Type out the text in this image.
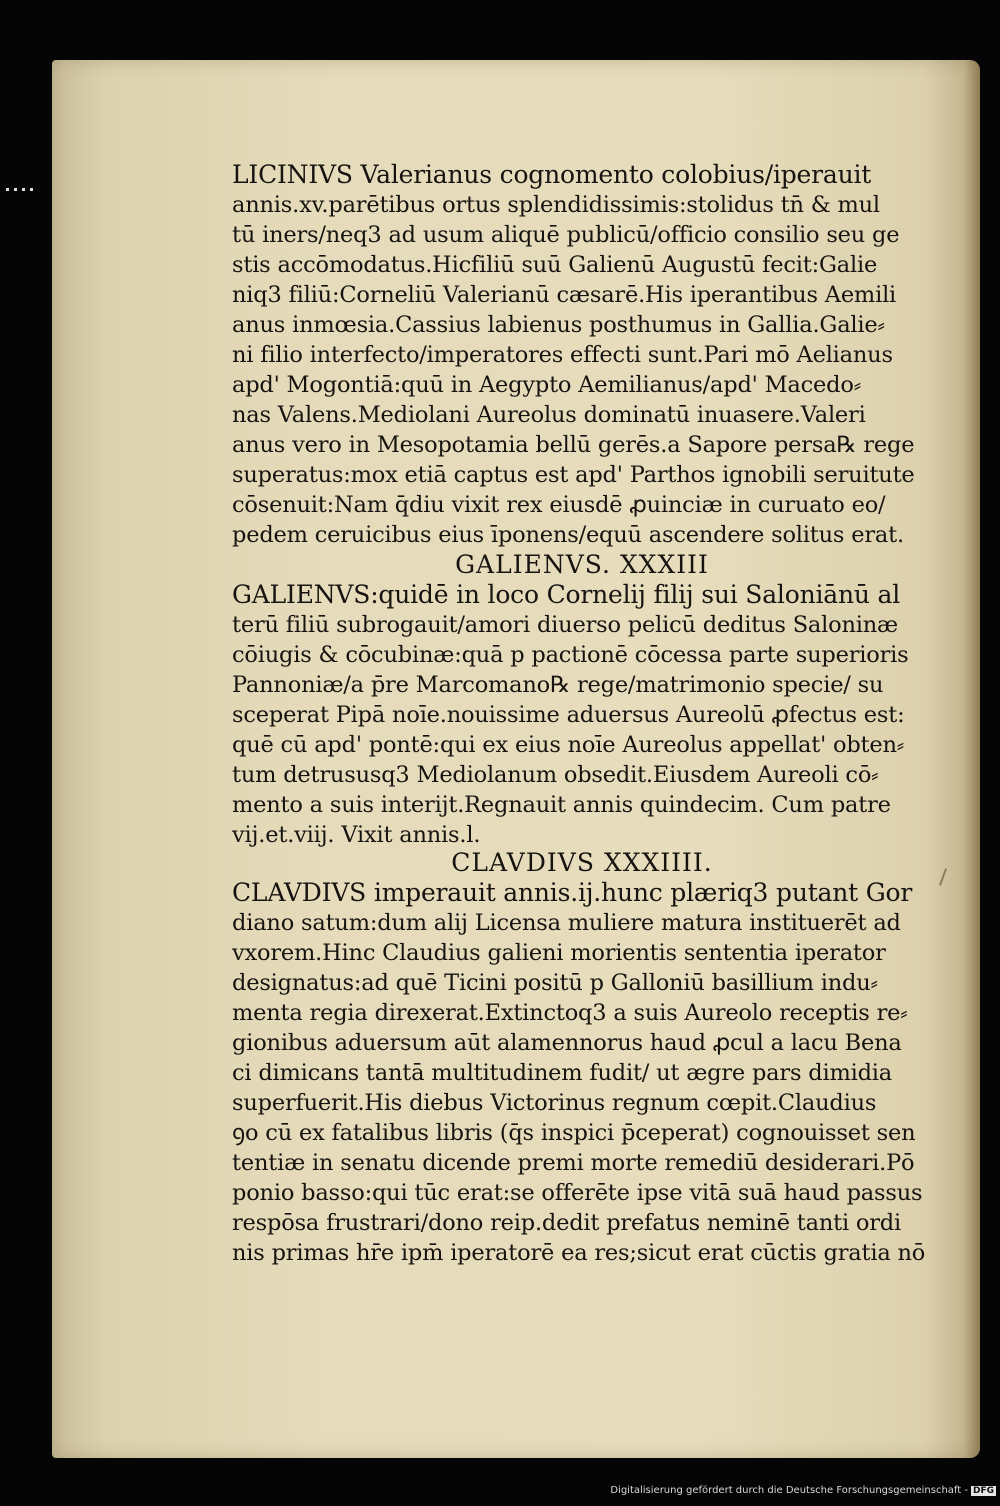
LICINIVS Valerianus cognomento colobius/iperauit
annis.xv.parētibus ortus splendidissimis:stolidus tn̄ & mul
tū iners/neq3 ad usum aliquē publicū/officio consilio seu ge
stis accōmodatus.Hicfiliū suū Galienū Augustū fecit:Galie
niq3 filiū:Corneliū Valerianū cæsarē.His iperantibus Aemili
anus inmœsia.Cassius labienus posthumus in Gallia.Galie⸗
ni filio interfecto/imperatores effecti sunt.Pari mō Aelianus
apd' Mogontiā:quū in Aegypto Aemilianus/apd' Macedo⸗
nas Valens.Mediolani Aureolus dominatū inuasere.Valeri
anus vero in Mesopotamia bellū gerēs.a Sapore persa℞ rege
superatus:mox etiā captus est apd' Parthos ignobili seruitute
cōsenuit:Nam q̄diu vixit rex eiusdē ꝓuinciæ in curuato eo/
pedem ceruicibus eius īponens/equū ascendere solitus erat.
GALIENVS. XXXIII
GALIENVS:quidē in loco Cornelij filij sui Saloniānū al
terū filiū subrogauit/amori diuerso pelicū deditus Saloninæ
cōiugis & cōcubinæ:quā p pactionē cōcessa parte superioris
Pannoniæ/a p̄re Marcomano℞ rege/matrimonio specie/ su
sceperat Pipā noīe.nouissime aduersus Aureolū ꝓfectus est:
quē cū apd' pontē:qui ex eius noīe Aureolus appellat' obten⸗
tum detrususq3 Mediolanum obsedit.Eiusdem Aureoli cō⸗
mento a suis interijt.Regnauit annis quindecim. Cum patre
vij.et.viij. Vixit annis.l.
CLAVDIVS XXXIIII.
CLAVDIVS imperauit annis.ij.hunc plæriq3 putant Gor
diano satum:dum alij Licensa muliere matura instituerēt ad
vxorem.Hinc Claudius galieni morientis sententia iperator
designatus:ad quē Ticini positū p Galloniū basillium indu⸗
menta regia direxerat.Extinctoq3 a suis Aureolo receptis re⸗
gionibus aduersum aūt alamennorus haud ꝓcul a lacu Bena
ci dimicans tantā multitudinem fudit/ ut ægre pars dimidia
superfuerit.His diebus Victorinus regnum cœpit.Claudius
ꝯo cū ex fatalibus libris (q̄s inspici p̄ceperat) cognouisset sen
tentiæ in senatu dicende premi morte remediū desiderari.Pō
ponio basso:qui tūc erat:se offerēte ipse vitā suā haud passus
respōsa frustrari/dono reip.dedit prefatus neminē tanti ordi
nis primas hr̄e ipm̄ iperatorē ea res;sicut erat cūctis gratia nō
Digitalisierung gefördert durch die Deutsche Forschungsgemeinschaft - DFG
